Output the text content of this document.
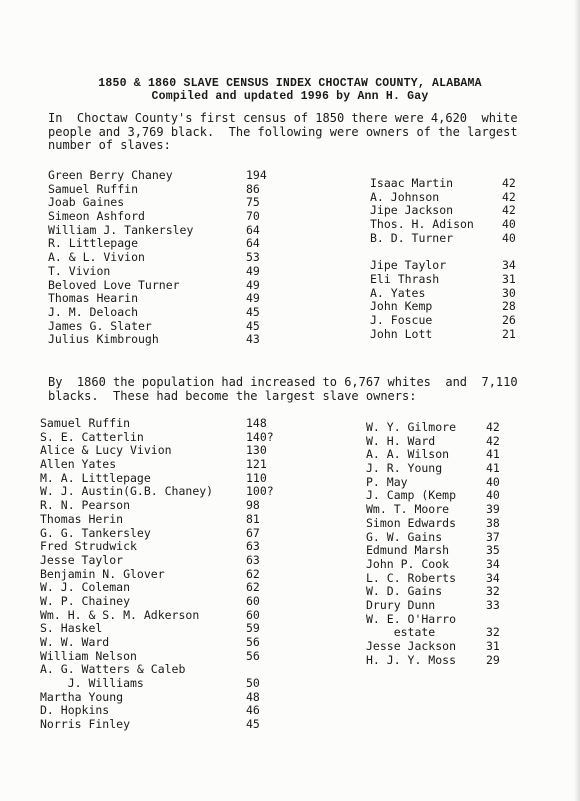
1850 & 1860 SLAVE CENSUS INDEX CHOCTAW COUNTY, ALABAMA
Compiled and updated 1996 by Ann H. Gay
In  Choctaw County's first census of 1850 there were 4,620  white
people and 3,769 black.  The following were owners of the largest
number of slaves:
Green Berry Chaney	194
Samuel Ruffin	86
Joab Gaines	75
Simeon Ashford	70
William J. Tankersley	64
R. Littlepage	64
A. & L. Vivion	53
T. Vivion	49
Beloved Love Turner	49
Thomas Hearin	49
J. M. Deloach	45
James G. Slater	45
Julius Kimbrough	43
Isaac Martin	42
A. Johnson	42
Jipe Jackson	42
Thos. H. Adison 40
B. D. Turner	40
Jipe Taylor	34
Eli Thrash	31
A. Yates	30
John Kemp	28
J. Foscue	26
John Lott	21
By  1860 the population had increased to 6,767 whites  and  7,110
blacks.  These had become the largest slave owners:
Samuel Ruffin	148
S. E. Catterlin	140?
Alice & Lucy Vivion	130
Allen Yates	121
M. A. Littlepage	110
W. J. Austin(G.B. Chaney)	100?
R. N. Pearson	98
Thomas Herin	81
G. G. Tankersley	67
Fred Strudwick	63
Jesse Taylor	63
Benjamin N. Glover	62
W. J. Coleman	62
W. P. Chainey	60
Wm. H. & S. M. Adkerson	60
S. Haskel	59
W. W. Ward	56
William Nelson	56
A. G. Watters & Caleb
J. Williams	50
Martha Young	48
D. Hopkins	46
Norris Finley	45
W. Y. Gilmore	42
W. H. Ward	42
A. A. Wilson	41
J. R. Young	41
P. May	40
J. Camp (Kemp	40
Wm. T. Moore	39
Simon Edwards	38
G. W. Gains	37
Edmund Marsh	35
John P. Cook	34
L. C. Roberts	34
W. D. Gains	32
Drury Dunn	33
W. E. O'Harro
estate	32
Jesse Jackson	31
H. J. Y. Moss	29
